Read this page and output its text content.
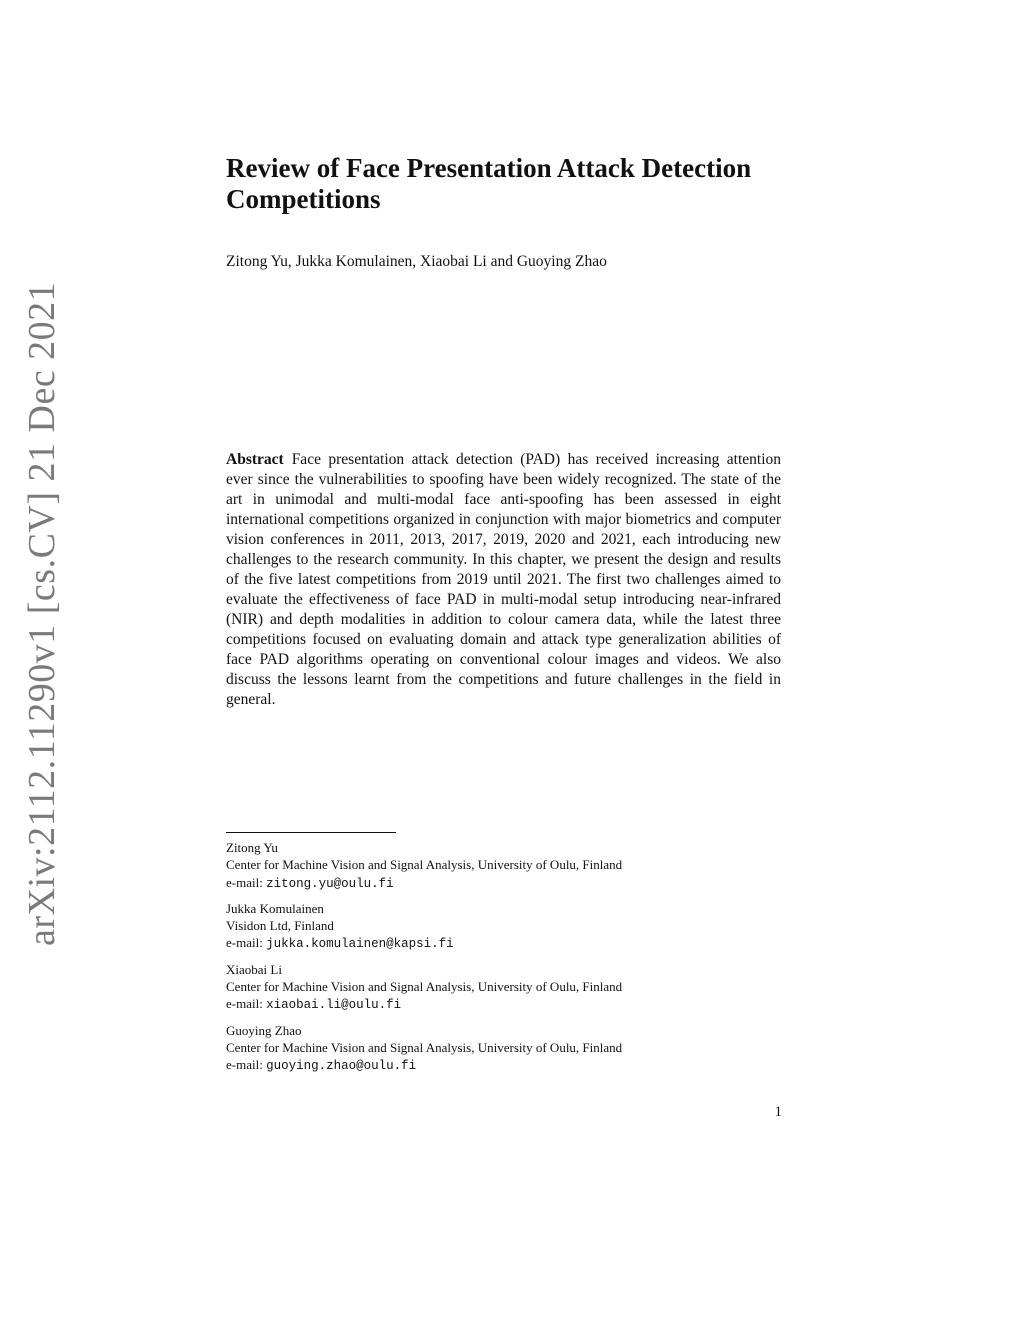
arXiv:2112.11290v1 [cs.CV] 21 Dec 2021
Review of Face Presentation Attack Detection Competitions
Zitong Yu, Jukka Komulainen, Xiaobai Li and Guoying Zhao
Abstract Face presentation attack detection (PAD) has received increasing attention ever since the vulnerabilities to spoofing have been widely recognized. The state of the art in unimodal and multi-modal face anti-spoofing has been assessed in eight international competitions organized in conjunction with major biometrics and computer vision conferences in 2011, 2013, 2017, 2019, 2020 and 2021, each introducing new challenges to the research community. In this chapter, we present the design and results of the five latest competitions from 2019 until 2021. The first two challenges aimed to evaluate the effectiveness of face PAD in multi-modal setup introducing near-infrared (NIR) and depth modalities in addition to colour camera data, while the latest three competitions focused on evaluating domain and attack type generalization abilities of face PAD algorithms operating on conventional colour images and videos. We also discuss the lessons learnt from the competitions and future challenges in the field in general.
Zitong Yu
Center for Machine Vision and Signal Analysis, University of Oulu, Finland
e-mail: zitong.yu@oulu.fi
Jukka Komulainen
Visidon Ltd, Finland
e-mail: jukka.komulainen@kapsi.fi
Xiaobai Li
Center for Machine Vision and Signal Analysis, University of Oulu, Finland
e-mail: xiaobai.li@oulu.fi
Guoying Zhao
Center for Machine Vision and Signal Analysis, University of Oulu, Finland
e-mail: guoying.zhao@oulu.fi
1
